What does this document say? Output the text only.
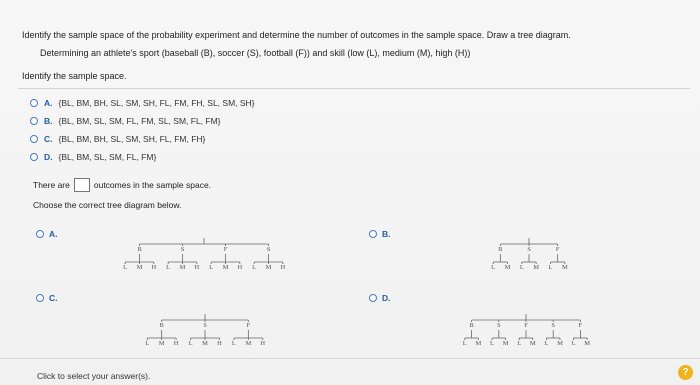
Identify the sample space of the probability experiment and determine the number of outcomes in the sample space. Draw a tree diagram.
Determining an athlete's sport (baseball (B), soccer (S), football (F)) and skill (low (L), medium (M), high (H))
Identify the sample space.
A. {BL, BM, BH, SL, SM, SH, FL, FM, FH, SL, SM, SH}
B. {BL, BM, SL, SM, FL, FM, SL, SM, FL, FM}
C. {BL, BM, BH, SL, SM, SH, FL, FM, FH}
D. {BL, BM, SL, SM, FL, FM}
There are	outcomes in the sample space.
Choose the correct tree diagram below.
A.	B.
C.	D.
B	S	F	S
L M H L M H L M H L M H
B	S	F
L M L M L M
B	S	F
L M H L M H L M H
B	S	F	S	F
L M L M L M L M L M
Click to select your answer(s).	?
